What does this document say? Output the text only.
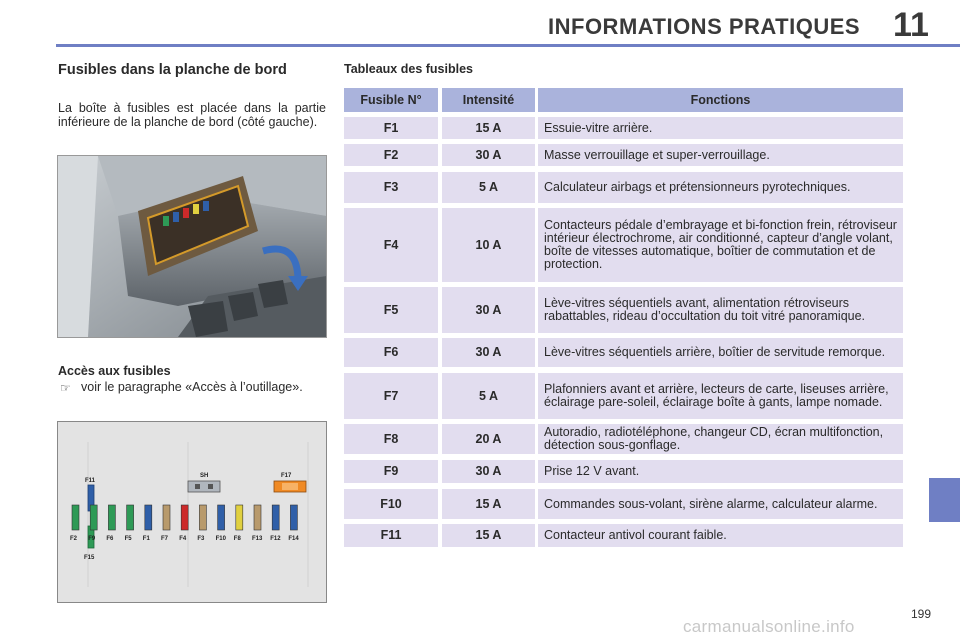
INFORMATIONS PRATIQUES 11
Fusibles dans la planche de bord
La boîte à fusibles est placée dans la partie inférieure de la planche de bord (côté gauche).
Accès aux fusibles
☞ voir le paragraphe «Accès à l’outillage».
F11
F15
SH	F17
F2 F9 F6 F5 F1 F7 F4 F3 F10 F8 F13 F12 F14
Tableaux des fusibles
Fusible N°	Intensité	Fonctions
F1	15 A	Essuie-vitre arrière.
F2	30 A	Masse verrouillage et super-verrouillage.
F3	5 A	Calculateur airbags et prétensionneurs pyrotechniques.
F4	10 A
Contacteurs pédale d’embrayage et bi-fonction frein, rétroviseur intérieur électrochrome, air conditionné, capteur d’angle volant, boîte de vitesses automatique, boîtier de commutation et de protection.
F5	30 A	Lève-vitres séquentiels avant, alimentation rétroviseurs rabattables, rideau d’occultation du toit vitré panoramique.
F6	30 A	Lève-vitres séquentiels arrière, boîtier de servitude remorque.
F7	5 A	Plafonniers avant et arrière, lecteurs de carte, liseuses arrière, éclairage pare-soleil, éclairage boîte à gants, lampe nomade.
F8	20 A	Autoradio, radiotéléphone, changeur CD, écran multifonction, détection sous-gonflage.
F9	30 A	Prise 12 V avant.
F10	15 A	Commandes sous-volant, sirène alarme, calculateur alarme.
F11	15 A	Contacteur antivol courant faible.
199
carmanualsonline.info
